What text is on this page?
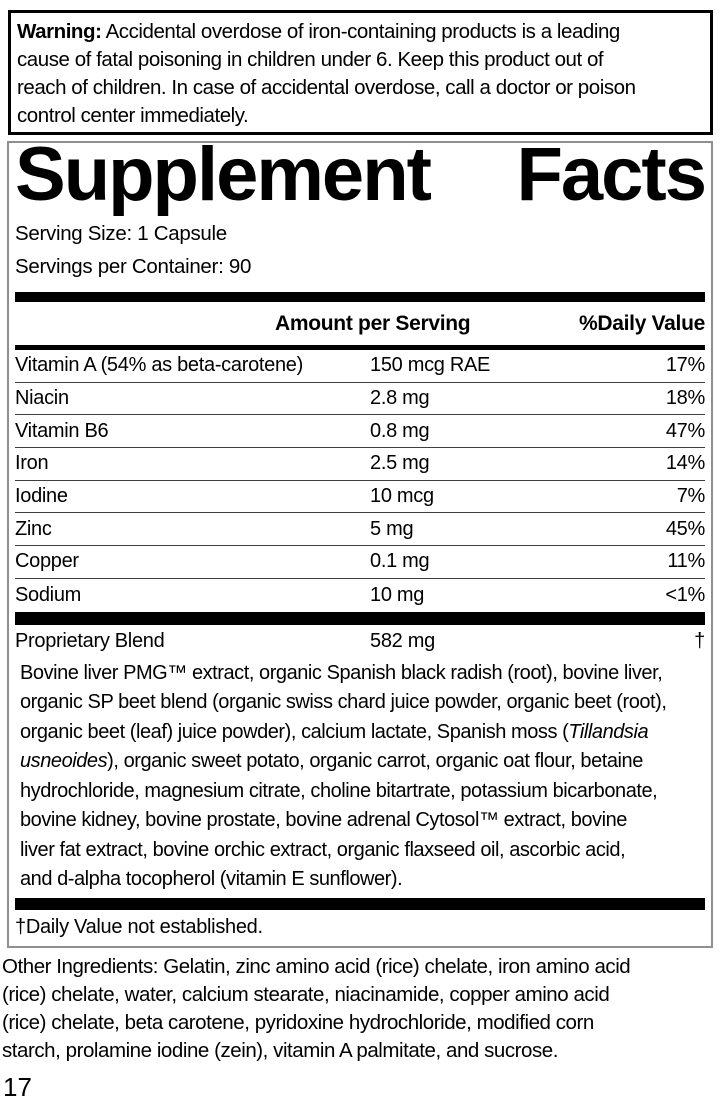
Warning: Accidental overdose of iron-containing products is a leading
cause of fatal poisoning in children under 6. Keep this product out of
reach of children. In case of accidental overdose, call a doctor or poison
control center immediately.
Supplement Facts
Serving Size: 1 Capsule
Servings per Container: 90
Amount per Serving	%Daily Value
Vitamin A (54% as beta-carotene)	150 mcg RAE	17%
Niacin	2.8 mg	18%
Vitamin B6	0.8 mg	47%
Iron	2.5 mg	14%
Iodine	10 mcg	7%
Zinc	5 mg	45%
Copper	0.1 mg	11%
Sodium	10 mg	<1%
Proprietary Blend	582 mg	†
Bovine liver PMG™ extract, organic Spanish black radish (root), bovine liver,
organic SP beet blend (organic swiss chard juice powder, organic beet (root),
organic beet (leaf) juice powder), calcium lactate, Spanish moss (Tillandsia
usneoides), organic sweet potato, organic carrot, organic oat flour, betaine
hydrochloride, magnesium citrate, choline bitartrate, potassium bicarbonate,
bovine kidney, bovine prostate, bovine adrenal Cytosol™ extract, bovine
liver fat extract, bovine orchic extract, organic flaxseed oil, ascorbic acid,
and d-alpha tocopherol (vitamin E sunflower).
†Daily Value not established.
Other Ingredients: Gelatin, zinc amino acid (rice) chelate, iron amino acid
(rice) chelate, water, calcium stearate, niacinamide, copper amino acid
(rice) chelate, beta carotene, pyridoxine hydrochloride, modified corn
starch, prolamine iodine (zein), vitamin A palmitate, and sucrose.
17
